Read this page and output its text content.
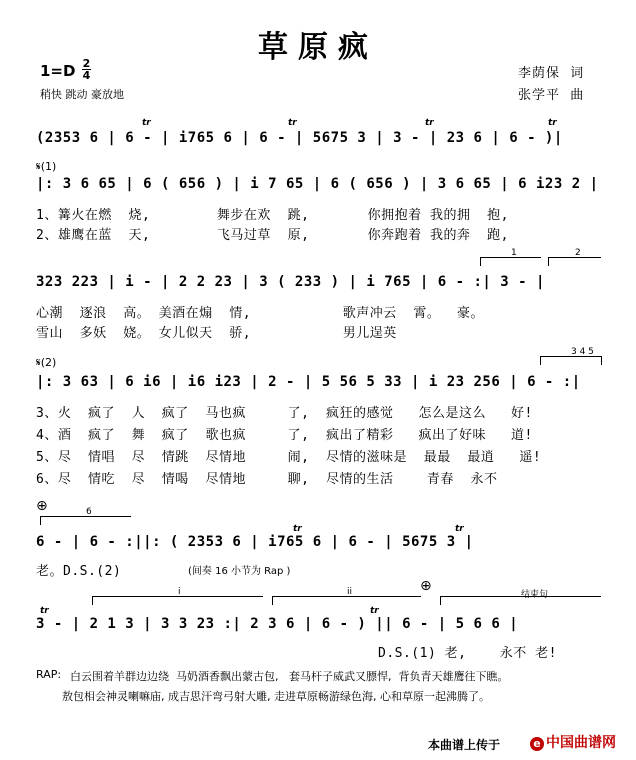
草原疯
1=D 2
4
稍快 跳动 豪放地
李荫保  词
张学平  曲
tr	tr	tr	tr
(2353 6 | 6 - | i765 6 | 6 - | 5675 3 | 3 - | 23 6 | 6 - )|
𝄋(1)
|: 3 6 65 | 6 ( 656 ) | i 7 65 | 6 ( 656 ) | 3 6 65 | 6 i23 2 |
1、篝火在燃  烧,        舞步在欢  跳,       你拥抱着 我的拥  抱,
2、雄鹰在蓝  天,        飞马过草  原,       你奔跑着 我的奔  跑,
1	2
323 223 | i - | 2 2 23 | 3 ( 233 ) | i 765 | 6 - :| 3 - |
心潮  逐浪  高。 美酒在煽  情,           歌声冲云  霄。  豪。
雪山  多妖  娆。 女儿似天  骄,           男儿逞英
𝄋(2)
3 4 5
|: 3 63 | 6 i6 | i6 i23 | 2 - | 5 56 5 33 | i 23 256 | 6 - :|
3、火  疯了  人  疯了  马也疯     了,  疯狂的感觉   怎么是这么   好!
4、酒  疯了  舞  疯了  歌也疯     了,  疯出了精彩   疯出了好味   道!
5、尽  情唱  尽  情跳  尽情地     闹,  尽情的滋味是  最最  最逍   遥!
6、尽  情吃  尽  情喝  尽情地     聊,  尽情的生活    青春  永不
⊕	6
tr	tr
6 - | 6 - :||: ( 2353 6 | i765 6 | 6 - | 5675 3 |
老。D.S.(2)	(间奏 16 小节为 Rap )
⊕
i	ii	结束句
tr	tr
3 - | 2 1 3 | 3 3 23 :| 2 3 6 | 6 - ) || 6 - | 5 6 6 |
D.S.(1) 老,    永不 老!
RAP: 白云围着羊群边边绕  马奶酒香飘出蒙古包,   套马杆子威武又膘悍,  背负青天雄鹰往下瞧。
敖包相会神灵喇嘛庙, 成吉思汗弯弓射大雕, 走进草原畅游绿色海, 心和草原一起沸腾了。
本曲谱上传于	e 中国曲谱网
